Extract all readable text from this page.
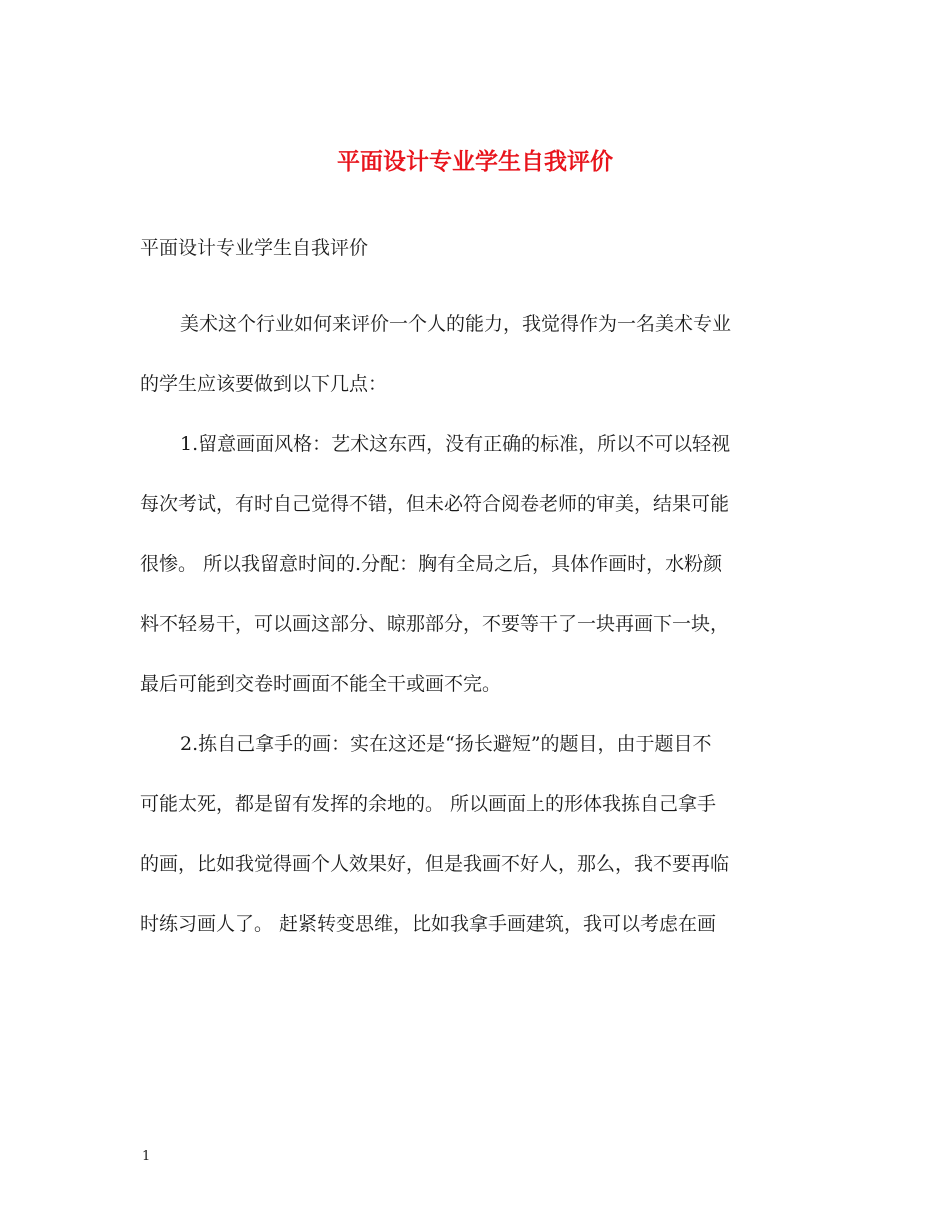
平面设计专业学生自我评价
平面设计专业学生自我评价
美术这个行业如何来评价一个人的能力，我觉得作为一名美术专业
的学生应该要做到以下几点：
1.留意画面风格：艺术这东西，没有正确的标准，所以不可以轻视
每次考试，有时自己觉得不错，但未必符合阅卷老师的审美，结果可能
很惨。 所以我留意时间的.分配：胸有全局之后，具体作画时，水粉颜
料不轻易干，可以画这部分、晾那部分，不要等干了一块再画下一块，
最后可能到交卷时画面不能全干或画不完。
2.拣自己拿手的画：实在这还是“扬长避短”的题目，由于题目不
可能太死，都是留有发挥的余地的。 所以画面上的形体我拣自己拿手
的画，比如我觉得画个人效果好，但是我画不好人，那么，我不要再临
时练习画人了。 赶紧转变思维，比如我拿手画建筑，我可以考虑在画
1
